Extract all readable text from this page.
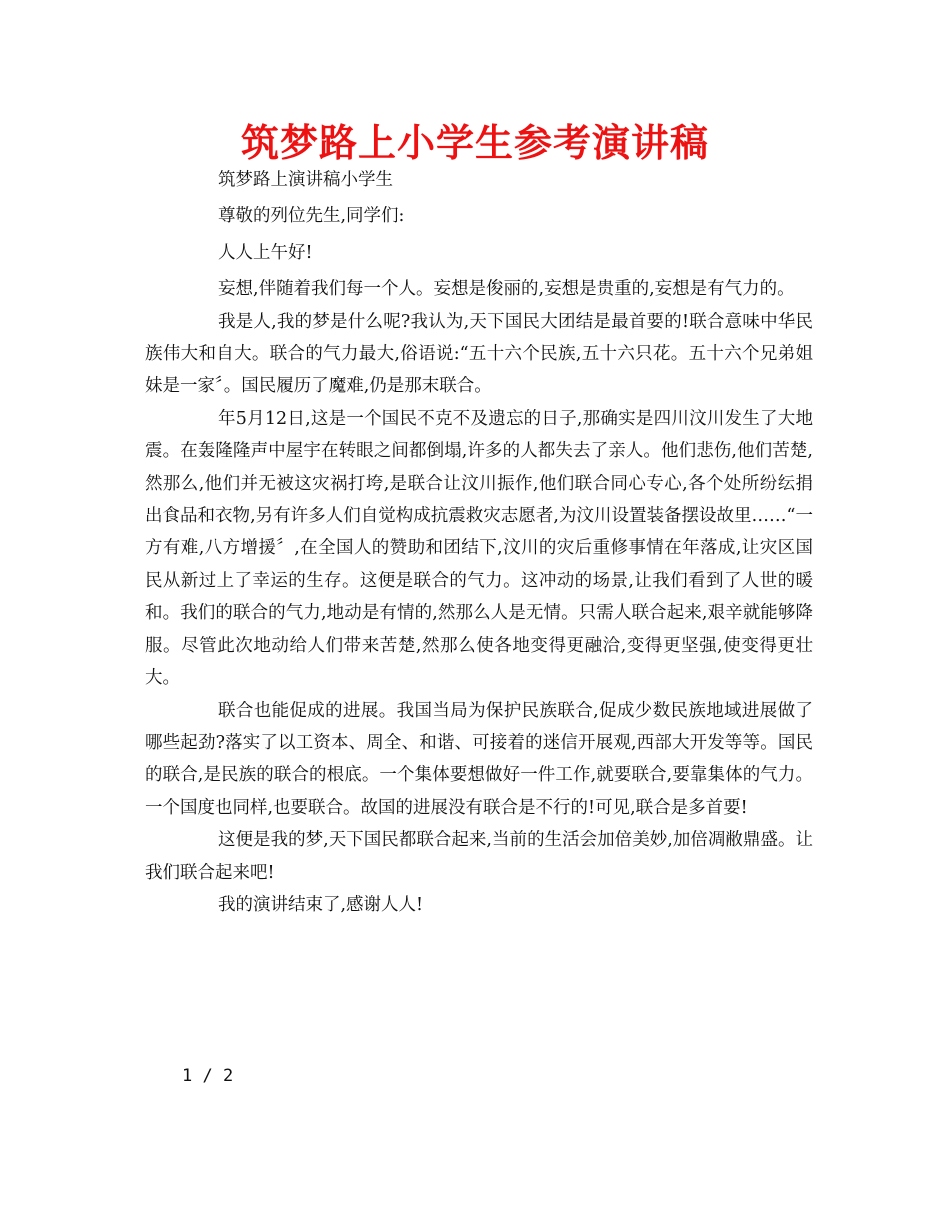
筑梦路上小学生参考演讲稿

筑梦路上演讲稿小学生

尊敬的列位先生,同学们:

人人上午好!

妄想,伴随着我们每一个人。妄想是俊丽的,妄想是贵重的,妄想是有气力的。

我是人,我的梦是什么呢?我认为,天下国民大团结是最首要的!联合意味中华民族伟大和自大。联合的气力最大,俗语说:“五十六个民族,五十六只花。五十六个兄弟姐妹是一家〞。国民履历了魔难,仍是那末联合。

年5月12日,这是一个国民不克不及遗忘的日子,那确实是四川汶川发生了大地震。在轰隆隆声中屋宇在转眼之间都倒塌,许多的人都失去了亲人。他们悲伤,他们苦楚,然那么,他们并无被这灾祸打垮,是联合让汶川振作,他们联合同心专心,各个处所纷纭捐出食品和衣物,另有许多人们自觉构成抗震救灾志愿者,为汶川设置装备摆设故里……“一方有难,八方增援〞,在全国人的赞助和团结下,汶川的灾后重修事情在年落成,让灾区国民从新过上了幸运的生存。这便是联合的气力。这冲动的场景,让我们看到了人世的暖和。我们的联合的气力,地动是有情的,然那么人是无情。只需人联合起来,艰辛就能够降服。尽管此次地动给人们带来苦楚,然那么使各地变得更融洽,变得更坚强,使变得更壮大。

联合也能促成的进展。我国当局为保护民族联合,促成少数民族地域进展做了哪些起劲?落实了以工资本、周全、和谐、可接着的迷信开展观,西部大开发等等。国民的联合,是民族的联合的根底。一个集体要想做好一件工作,就要联合,要靠集体的气力。一个国度也同样,也要联合。故国的进展没有联合是不行的!可见,联合是多首要!

这便是我的梦,天下国民都联合起来,当前的生活会加倍美妙,加倍凋敝鼎盛。让我们联合起来吧!

我的演讲结束了,感谢人人!

1 / 2
